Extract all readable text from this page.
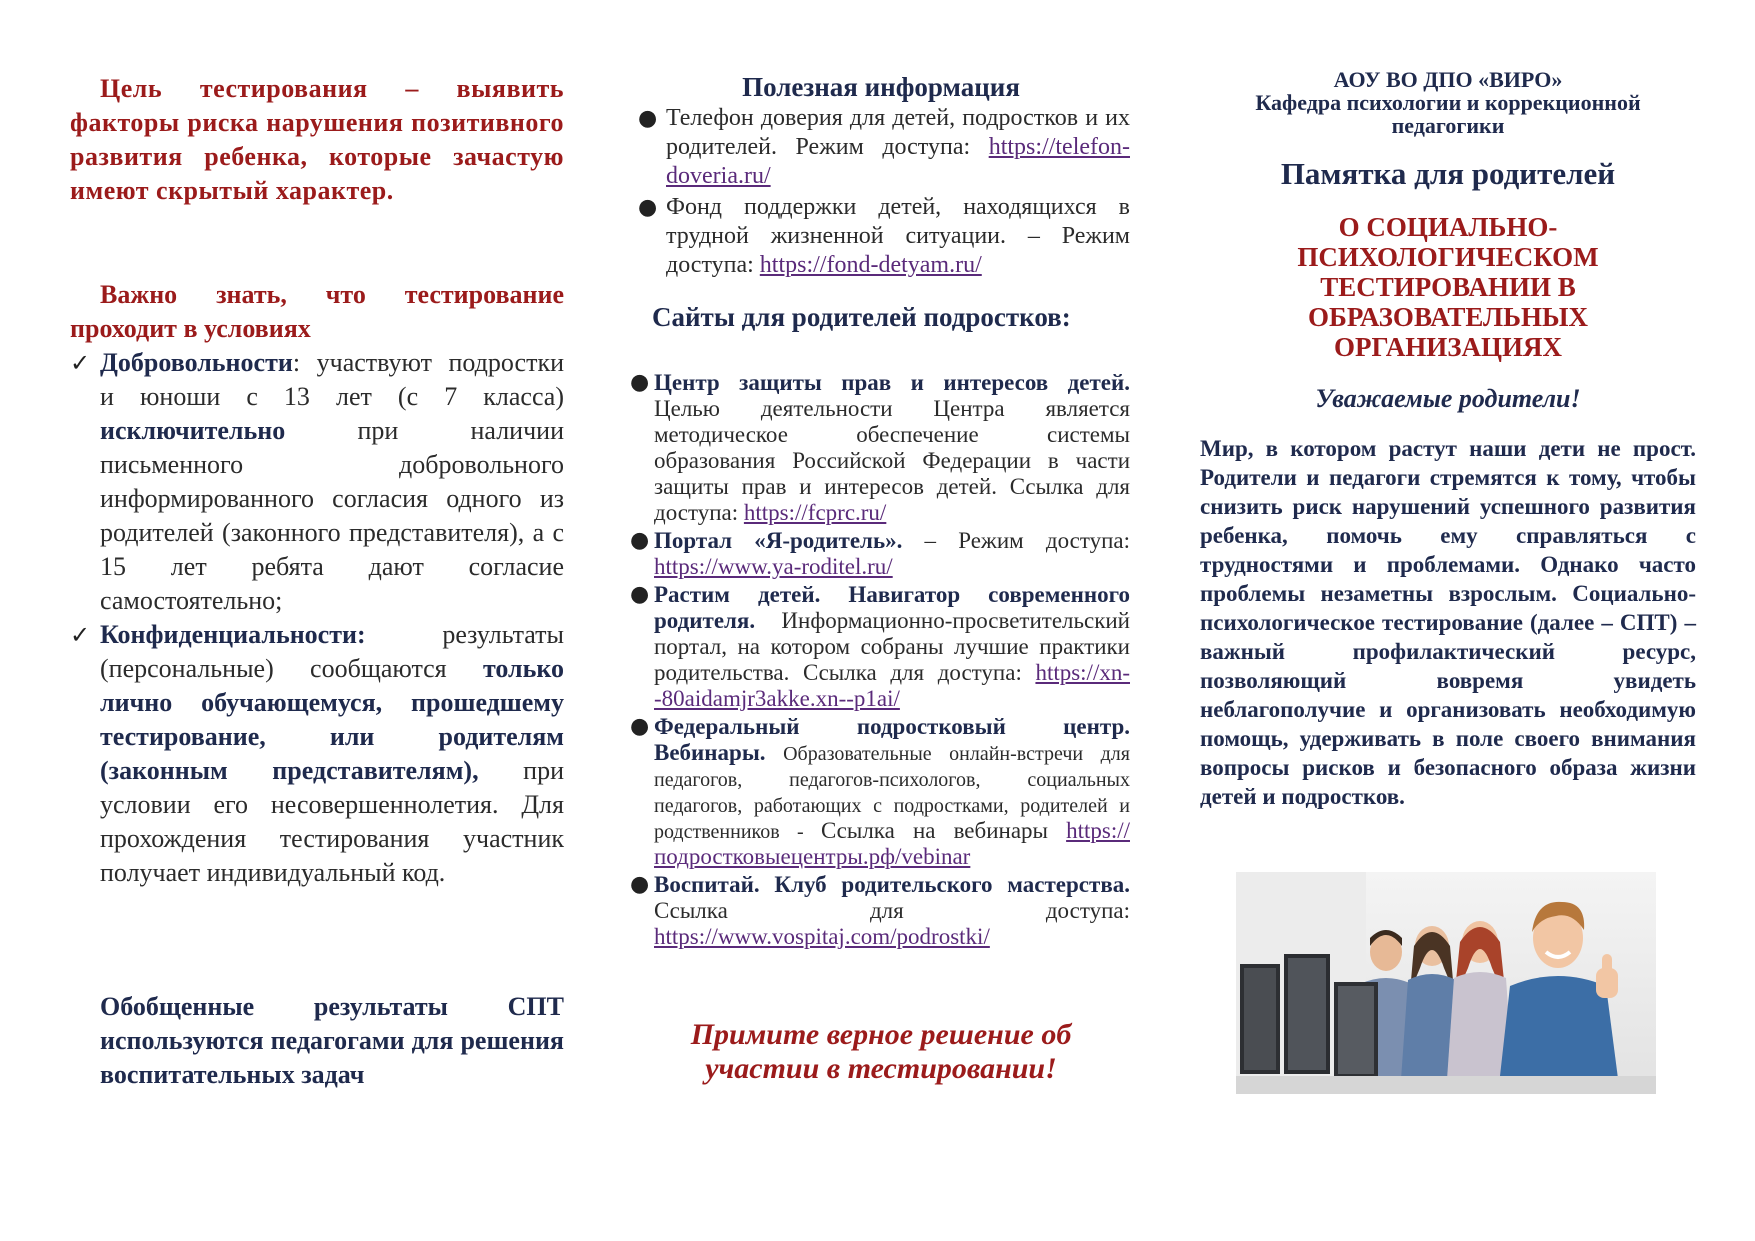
Цель тестирования – выявить факторы риска нарушения позитивного развития ребенка, которые зачастую имеют скрытый характер.

Важно знать, что тестирование проходит в условиях

✓ Добровольности: участвуют подростки и юноши с 13 лет (с 7 класса) исключительно при наличии письменного добровольного информированного согласия одного из родителей (законного представителя), а с 15 лет ребята дают согласие самостоятельно;
✓ Конфиденциальности: результаты (персональные) сообщаются только лично обучающемуся, прошедшему тестирование, или родителям (законным представителям), при условии его несовершеннолетия. Для прохождения тестирования участник получает индивидуальный код.

Обобщенные результаты СПТ используются педагогами для решения воспитательных задач

Полезная информация
● Телефон доверия для детей, подростков и их родителей. Режим доступа: https://telefon-doveria.ru/
● Фонд поддержки детей, находящихся в трудной жизненной ситуации. – Режим доступа: https://fond-detyam.ru/
Сайты для родителей подростков:
● Центр защиты прав и интересов детей. Целью деятельности Центра является методическое обеспечение системы образования Российской Федерации в части защиты прав и интересов детей. Ссылка для доступа: https://fcprc.ru/
● Портал «Я-родитель». – Режим доступа: https://www.ya-roditel.ru/
● Растим детей. Навигатор современного родителя. Информационно-просветительский портал, на котором собраны лучшие практики родительства. Ссылка для доступа: https://xn--80aidamjr3akke.xn--p1ai/
● Федеральный подростковый центр. Вебинары. Образовательные онлайн-встречи для педагогов, педагогов-психологов, социальных педагогов, работающих с подростками, родителей и родственников - Ссылка на вебинары https://подростковыецентры.рф/vebinar
● Воспитай. Клуб родительского мастерства. Ссылка для доступа: https://www.vospitaj.com/podrostki/

Примите верное решение об участии в тестировании!

АОУ ВО ДПО «ВИРО»
Кафедра психологии и коррекционной педагогики

Памятка для родителей

О СОЦИАЛЬНО-ПСИХОЛОГИЧЕСКОМ ТЕСТИРОВАНИИ В ОБРАЗОВАТЕЛЬНЫХ ОРГАНИЗАЦИЯХ

Уважаемые родители!

Мир, в котором растут наши дети не прост. Родители и педагоги стремятся к тому, чтобы снизить риск нарушений успешного развития ребенка, помочь ему справляться с трудностями и проблемами. Однако часто проблемы незаметны взрослым. Социально-психологическое тестирование (далее – СПТ) – важный профилактический ресурс, позволяющий вовремя увидеть неблагополучие и организовать необходимую помощь, удерживать в поле своего внимания вопросы рисков и безопасного образа жизни детей и подростков.
